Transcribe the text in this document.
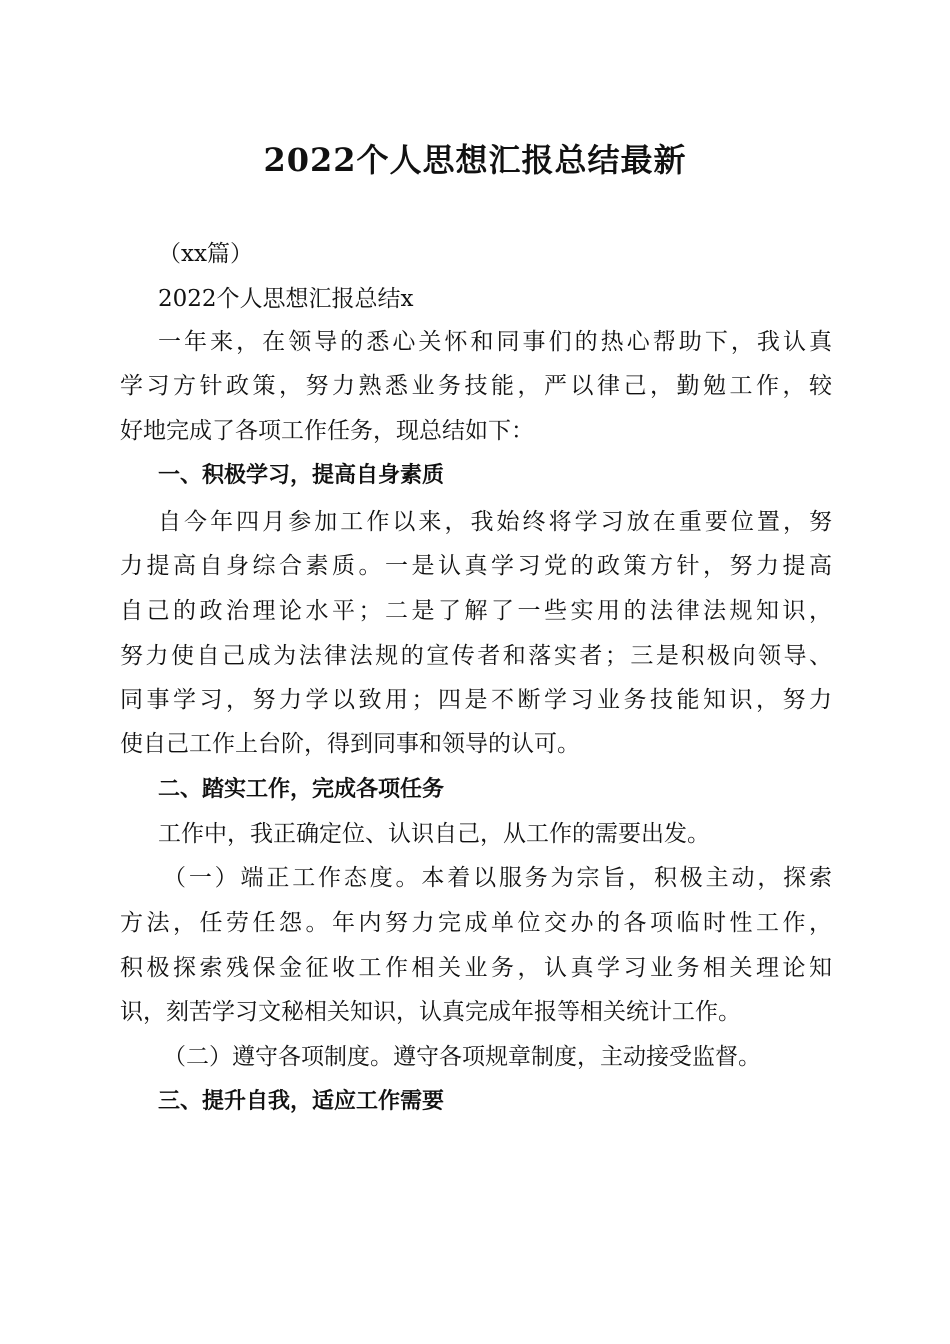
2022个人思想汇报总结最新

（xx篇）

2022个人思想汇报总结x

一年来，在领导的悉心关怀和同事们的热心帮助下，我认真

学习方针政策，努力熟悉业务技能，严以律己，勤勉工作，较

好地完成了各项工作任务，现总结如下：

一、积极学习，提高自身素质

自今年四月参加工作以来，我始终将学习放在重要位置，努

力提高自身综合素质。一是认真学习党的政策方针，努力提高

自己的政治理论水平；二是了解了一些实用的法律法规知识，

努力使自己成为法律法规的宣传者和落实者；三是积极向领导、

同事学习，努力学以致用；四是不断学习业务技能知识，努力

使自己工作上台阶，得到同事和领导的认可。

二、踏实工作，完成各项任务

工作中，我正确定位、认识自己，从工作的需要出发。

（一）端正工作态度。本着以服务为宗旨，积极主动，探索

方法，任劳任怨。年内努力完成单位交办的各项临时性工作，

积极探索残保金征收工作相关业务，认真学习业务相关理论知

识，刻苦学习文秘相关知识，认真完成年报等相关统计工作。

（二）遵守各项制度。遵守各项规章制度，主动接受监督。

三、提升自我，适应工作需要
